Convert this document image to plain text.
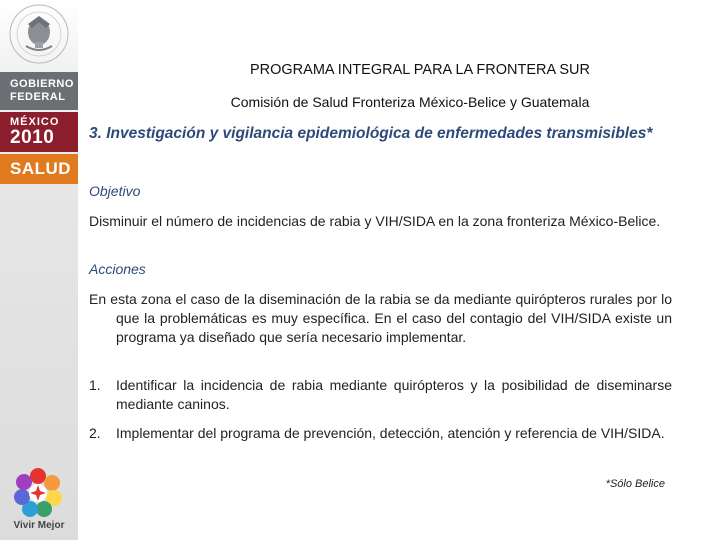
GOBIERNO
FEDERAL
MÉXICO
2010
SALUD
Vivir Mejor
PROGRAMA INTEGRAL PARA LA FRONTERA SUR
Comisión de Salud Fronteriza México-Belice y Guatemala
3. Investigación y vigilancia epidemiológica de enfermedades transmisibles*
Objetivo
Disminuir el número de incidencias de rabia y VIH/SIDA en la zona fronteriza México-Belice.
Acciones
En esta zona el caso de la diseminación de la rabia se da mediante quirópteros rurales por lo que la problemáticas es muy específica. En el caso del contagio del VIH/SIDA existe un programa ya diseñado que sería necesario implementar.
1. Identificar la incidencia de rabia mediante quirópteros y la posibilidad de diseminarse mediante caninos.
2. Implementar del programa de prevención, detección, atención y referencia de VIH/SIDA.
*Sólo Belice
